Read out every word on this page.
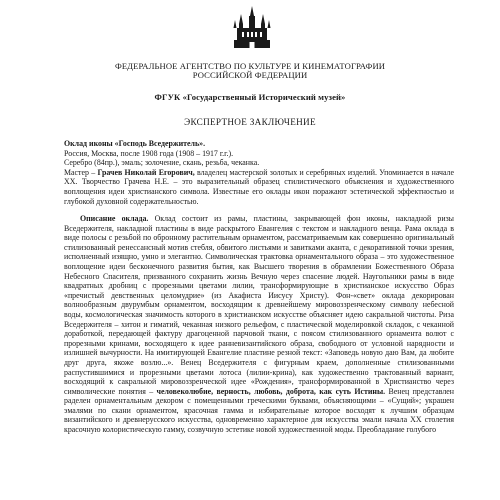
ФЕДЕРАЛЬНОЕ АГЕНТСТВО ПО КУЛЬТУРЕ И КИНЕМАТОГРАФИИ
РОССИЙСКОЙ ФЕДЕРАЦИИ
ФГУК «Государственный Исторический музей»
ЭКСПЕРТНОЕ ЗАКЛЮЧЕНИЕ
Оклад иконы «Господь Вседержитель».
Россия, Москва, после 1908 года (1908 – 1917 г.г.).
Серебро (84пр.), эмаль; золочение, скань, резьба, чеканка.
Мастер – Грачев Николай Егорович, владелец мастерской золотых и серебряных изделий. Упоминается в начале XX. Творчество Грачева Н.Е. – это выразительный образец стилистического объяснения и художественного воплощения идеи христианского символа. Известные его оклады икон поражают эстетической эффектностью и глубокой духовной содержательностью.
Описание оклада. Оклад состоит из рамы, пластины, закрывающей фон иконы, накладной ризы Вседержителя, накладной пластины в виде раскрытого Евангелия с текстом и накладного венца. Рама оклада в виде полосы с резьбой по обронному растительным орнаментом, рассматриваемым как совершенно оригинальный стилизованный ренессансный мотив стебля, обвитого листьями и завитками аканта, с декоративной точки зрения, исполненный изящно, умно и элегантно. Символическая трактовка орнаментального образа – это художественное воплощение идеи бесконечного развития бытия, как Высшего творения в обрамлении Божественного Образа Небесного Спасителя, призванного сохранить жизнь Вечную через спасение людей. Наугольники рамы в виде квадратных дробниц с прорезными цветами лилии, трансформирующие в христианское искусство Образ «пречистый девственных целомудрие» (из Акафиста Иисусу Христу). Фон-«свет» оклада декорирован волнообразным двурумбым орнаментом, восходящим к древнейшему мировоззренческому символу небесной воды, космологическая значимость которого в христианском искусстве объясняет идею сакральной чистоты. Риза Вседержителя – хитон и гиматий, чеканная низкого рельефом, с пластической моделировкой складок, с чеканной доработкой, передающей фактуру драгоценной парчовой ткани, с поясом стилизованного орнамента волют с прорезными кринами, восходящего к идее ранневизантийского образа, свободного от условной нарядности и излишней вычурности. На имитирующей Евангелие пластине резной текст: «Заповедь новую даю Вам, да любите друг друга, якоже возлю...». Венец Вседержителя с фигурным краем, дополненные стилизованными распустившимися и прорезными цветами лотоса (лилии-крина), как художественно трактованный вариант, восходящий к сакральной мировоззренческой идее «Рождения», трансформированной в Христианство через символические понятия – человеколюбие, верность, любовь, доброта, как суть Истины. Венец представлен раделен орнаментальным декором с помещенными греческими буквами, объясняющими – «Сущий»; украшен эмалями по скани орнаментом, красочная гамма и избирательные которое восходят к лучшим образцам византийского и древнерусского искусства, одновременно характерное для искусства эмали начала XX столетия красочную колористическую гамму, созвучную эстетике новой художественной моды. Преобладание голубого
